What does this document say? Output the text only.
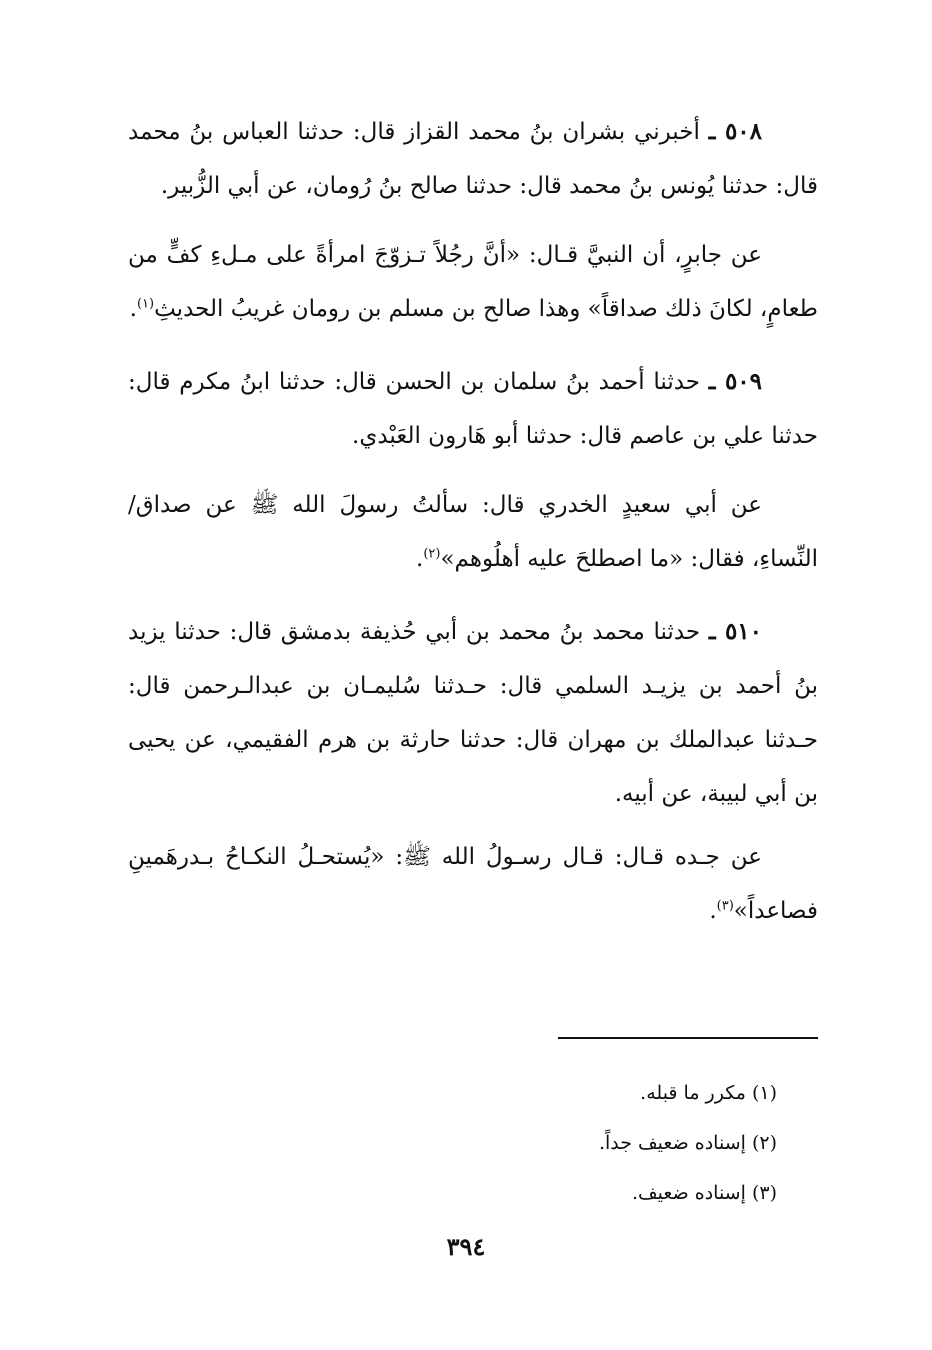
٥٠٨ ـ أخبرني بشران بنُ محمد القزاز قال: حدثنا العباس بنُ محمد قال: حدثنا يُونس بنُ محمد قال: حدثنا صالح بنُ رُومان، عن أبي الزُّبير.

عن جابرٍ، أن النبيَّ قـال: «أنَّ رجُلاً تـزوّجَ امرأةً على مـلءِ كفٍّ من طعامٍ، لكانَ ذلك صداقاً» وهذا صالح بن مسلم بن رومان غريبُ الحديثِ$^{(١)}$.

٥٠٩ ـ حدثنا أحمد بنُ سلمان بن الحسن قال: حدثنا ابنُ مكرم قال: حدثنا علي بن عاصم قال: حدثنا أبو هَارون العَبْدي.

عن أبي سعيدٍ الخدري قال: سألتُ رسولَ الله ﷺ عن صداق/ النِّساءِ، فقال: «ما اصطلحَ عليه أهلُوهم»$^{(٢)}$.

٥١٠ ـ حدثنا محمد بنُ محمد بن أبي حُذيفة بدمشق قال: حدثنا يزيد بنُ أحمد بن يزيـد السلمي قال: حـدثنا سُليمـان بن عبدالـرحمن قال: حـدثنا عبدالملك بن مهران قال: حدثنا حارثة بن هرم الفقيمي، عن يحيى بن أبي لبيبة، عن أبيه.

عن جـده قـال: قـال رسـولُ الله ﷺ: «يُستحـلُ النكـاحُ بـدرهَمينِ فصاعداً»$^{(٣)}$.

(١) مكرر ما قبله.
(٢) إسناده ضعيف جداً.
(٣) إسناده ضعيف.
٣٩٤
